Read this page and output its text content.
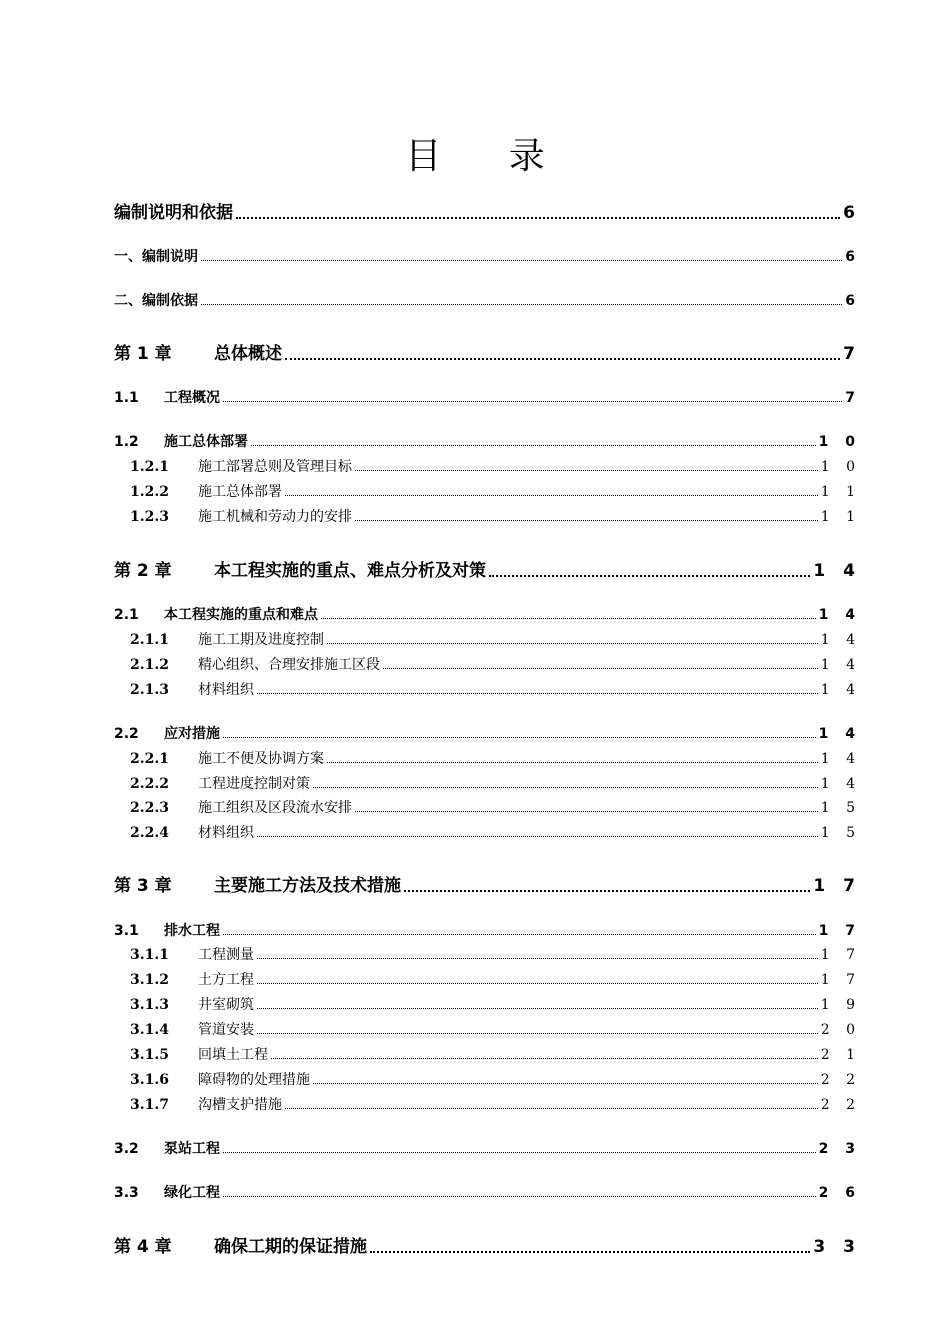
目 录
编制说明和依据	6
一、编制说明	6
二、编制依据	6
第 1 章	总体概述	7
1.1	工程概况	7
1.2	施工总体部署	1 0
1.2.1	施工部署总则及管理目标	1 0
1.2.2	施工总体部署	1 1
1.2.3	施工机械和劳动力的安排	1 1
第 2 章	本工程实施的重点、难点分析及对策	1 4
2.1	本工程实施的重点和难点	1 4
2.1.1	施工工期及进度控制	1 4
2.1.2	精心组织、合理安排施工区段	1 4
2.1.3	材料组织	1 4
2.2	应对措施	1 4
2.2.1	施工不便及协调方案	1 4
2.2.2	工程进度控制对策	1 4
2.2.3	施工组织及区段流水安排	1 5
2.2.4	材料组织	1 5
第 3 章	主要施工方法及技术措施	1 7
3.1	排水工程	1 7
3.1.1	工程测量	1 7
3.1.2	土方工程	1 7
3.1.3	井室砌筑	1 9
3.1.4	管道安装	2 0
3.1.5	回填土工程	2 1
3.1.6	障碍物的处理措施	2 2
3.1.7	沟槽支护措施	2 2
3.2	泵站工程	2 3
3.3	绿化工程	2 6
第 4 章	确保工期的保证措施	3 3
